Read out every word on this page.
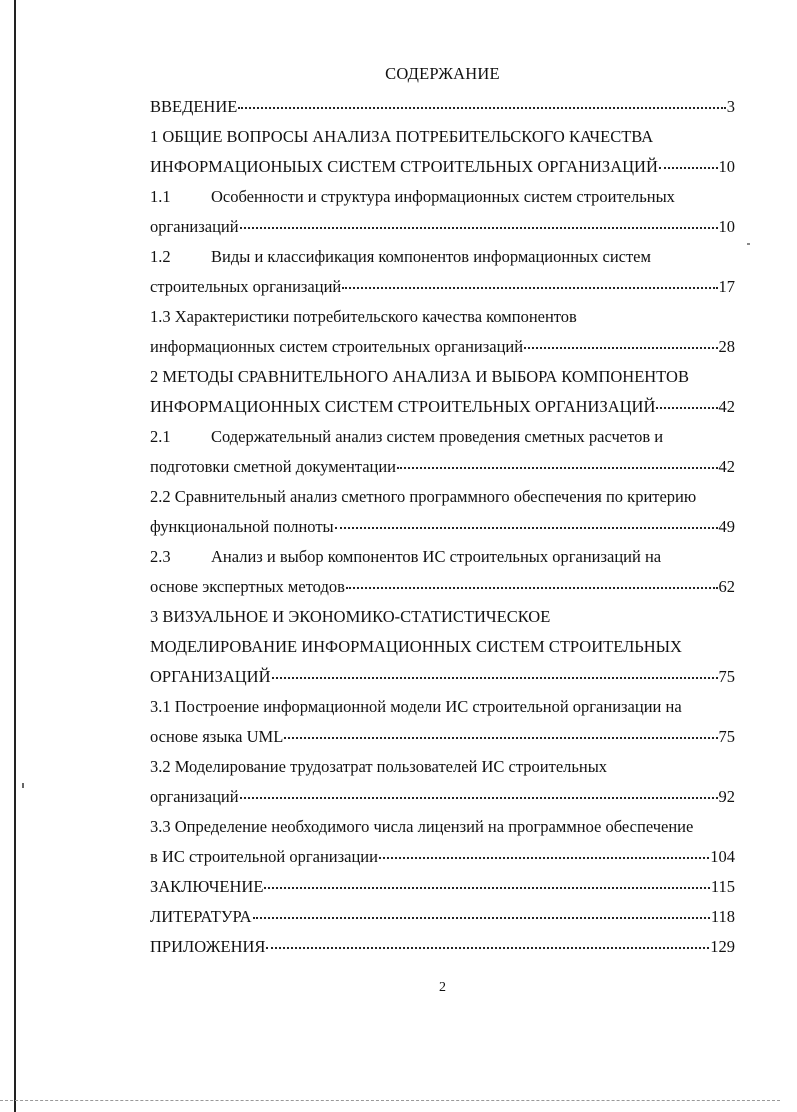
СОДЕРЖАНИЕ
ВВЕДЕНИЕ	3
1 ОБЩИЕ ВОПРОСЫ АНАЛИЗА ПОТРЕБИТЕЛЬСКОГО КАЧЕСТВА
ИНФОРМАЦИОНЫЫХ СИСТЕМ СТРОИТЕЛЬНЫХ ОРГАНИЗАЦИЙ	10
1.1	Особенности и структура информационных систем строительных
организаций	10
1.2	Виды и классификация компонентов информационных систем
строительных организаций	17
1.3 Характеристики потребительского качества компонентов
информационных систем строительных организаций	28
2 МЕТОДЫ СРАВНИТЕЛЬНОГО АНАЛИЗА И ВЫБОРА КОМПОНЕНТОВ
ИНФОРМАЦИОННЫХ СИСТЕМ СТРОИТЕЛЬНЫХ ОРГАНИЗАЦИЙ	42
2.1	Содержательный анализ систем проведения сметных расчетов и
подготовки сметной документации	42
2.2 Сравнительный анализ сметного программного обеспечения по критерию
функциональной полноты	49
2.3	Анализ и выбор компонентов ИС строительных организаций на
основе экспертных методов	62
3 ВИЗУАЛЬНОЕ И ЭКОНОМИКО-СТАТИСТИЧЕСКОЕ
МОДЕЛИРОВАНИЕ ИНФОРМАЦИОННЫХ СИСТЕМ СТРОИТЕЛЬНЫХ
ОРГАНИЗАЦИЙ	75
3.1 Построение информационной модели ИС строительной организации на
основе языка UML	75
3.2 Моделирование трудозатрат пользователей ИС строительных
организаций	92
3.3 Определение необходимого числа лицензий на программное обеспечение
в ИС строительной организации	104
ЗАКЛЮЧЕНИЕ	115
ЛИТЕРАТУРА	118
ПРИЛОЖЕНИЯ	129
2
